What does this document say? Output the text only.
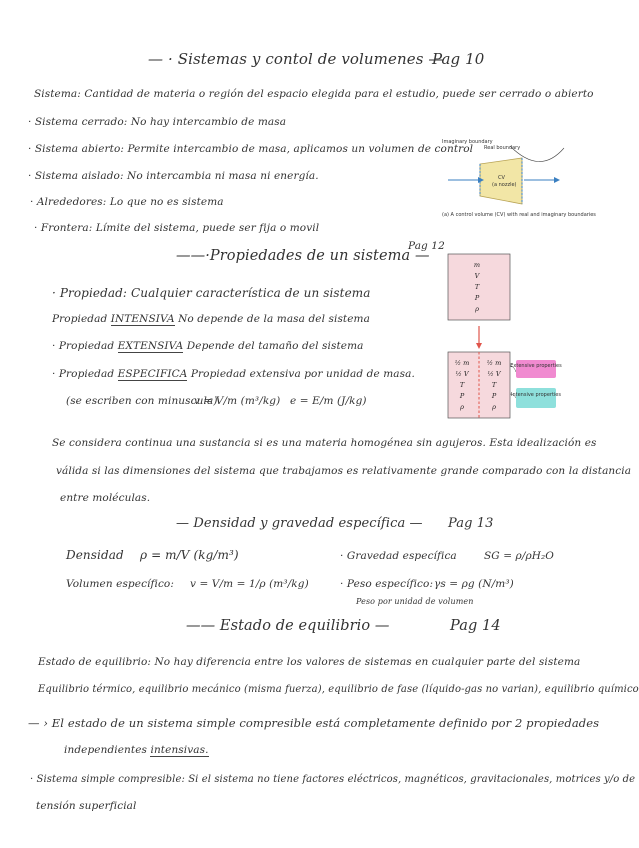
— · Sistemas y contol de volumenes —
Pag 10
Sistema: Cantidad de materia o región del espacio elegida para el estudio, puede ser cerrado o abierto
· Sistema cerrado: No hay intercambio de masa
· Sistema abierto: Permite intercambio de masa, aplicamos un volumen de control
· Sistema aislado: No intercambia ni masa ni energía.
· Alrededores: Lo que no es sistema
· Frontera: Límite del sistema, puede ser fija o movil
Imaginary boundary
Real boundary
CV
(a nozzle)
(a) A control volume (CV) with real and imaginary boundaries
——·Propiedades de un sistema —
Pag 12
· Propiedad: Cualquier característica de un sistema
Propiedad INTENSIVA No depende de la masa del sistema
· Propiedad EXTENSIVA Depende del tamaño del sistema
· Propiedad ESPECIFICA Propiedad extensiva por unidad de masa.
(se escriben con minuscula)
v = V/m (m³/kg) e = E/m (J/kg)
m
V
T
P
ρ
½ m
½ V
T
P
ρ
½ m
½ V
T
P
ρ
Extensive properties
Intensive properties
Se considera continua una sustancia si es una materia homogénea sin agujeros. Esta idealización es
válida si las dimensiones del sistema que trabajamos es relativamente grande comparado con la distancia
entre moléculas.
— Densidad y gravedad específica — Pag 13
Densidad ρ = m/V (kg/m³)
Volumen específico: v = V/m = 1/ρ (m³/kg)
· Gravedad específica	SG = ρ/ρH₂O
· Peso específico: γs = ρg (N/m³)
Peso por unidad de volumen
—— Estado de equilibrio —	Pag 14
Estado de equilibrio: No hay diferencia entre los valores de sistemas en cualquier parte del sistema
Equilibrio térmico, equilibrio mecánico (misma fuerza), equilibrio de fase (líquido-gas no varian), equilibrio químico
— › El estado de un sistema simple compresible está completamente definido por 2 propiedades
independientes intensivas.
· Sistema simple compresible: Si el sistema no tiene factores eléctricos, magnéticos, gravitacionales, motrices y/o de
tensión superficial
